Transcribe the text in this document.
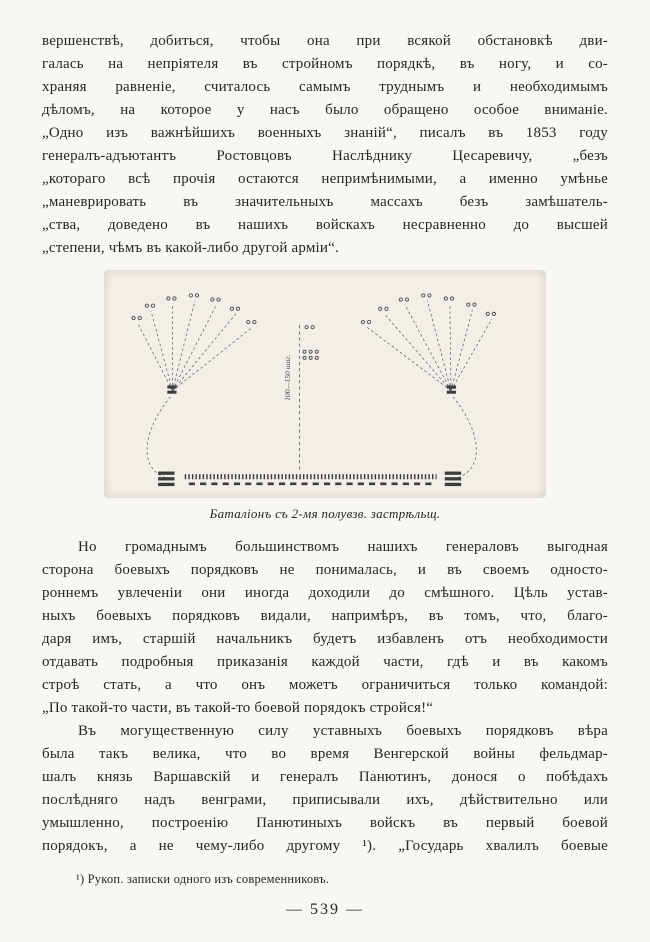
вершенствѣ, добиться, чтобы она при всякой обстановкѣ дви-
галась на непріятеля въ стройномъ порядкѣ, въ ногу, и со-
храняя равненіе, считалось самымъ труднымъ и необходимымъ
дѣломъ, на которое у насъ было обращено особое вниманіе.
„Одно изъ важнѣйшихъ военныхъ знаній“, писалъ въ 1853 году
генералъ-адъютантъ Ростовцовъ Наслѣднику Цесаревичу, „безъ
„котораго всѣ прочія остаются непримѣнимыми, а именно умѣнье
„маневрировать въ значительныхъ массахъ безъ замѣшатель-
„ства, доведено въ нашихъ войскахъ несравненно до высшей
„степени, чѣмъ въ какой-либо другой арміи“.
100—150 шаг.
Баталіонъ съ 2-мя полувзв. застрѣльщ.
Но громаднымъ большинствомъ нашихъ генераловъ выгодная
сторона боевыхъ порядковъ не понималась, и въ своемъ односто-
роннемъ увлеченіи они иногда доходили до смѣшного. Цѣль устав-
ныхъ боевыхъ порядковъ видали, напримѣръ, въ томъ, что, благо-
даря имъ, старшій начальникъ будетъ избавленъ отъ необходимости
отдавать подробныя приказанія каждой части, гдѣ и въ какомъ
строѣ стать, а что онъ можетъ ограничиться только командой:
„По такой-то части, въ такой-то боевой порядокъ стройся!“
Въ могущественную силу уставныхъ боевыхъ порядковъ вѣра
была такъ велика, что во время Венгерской войны фельдмар-
шалъ князь Варшавскій и генералъ Панютинъ, донося о побѣдахъ
послѣдняго надъ венграми, приписывали ихъ, дѣйствительно или
умышленно, построенію Панютиныхъ войскъ въ первый боевой
порядокъ, а не чему-либо другому ¹). „Государь хвалилъ боевые
¹) Рукоп. записки одного изъ современниковъ.
— 539 —
